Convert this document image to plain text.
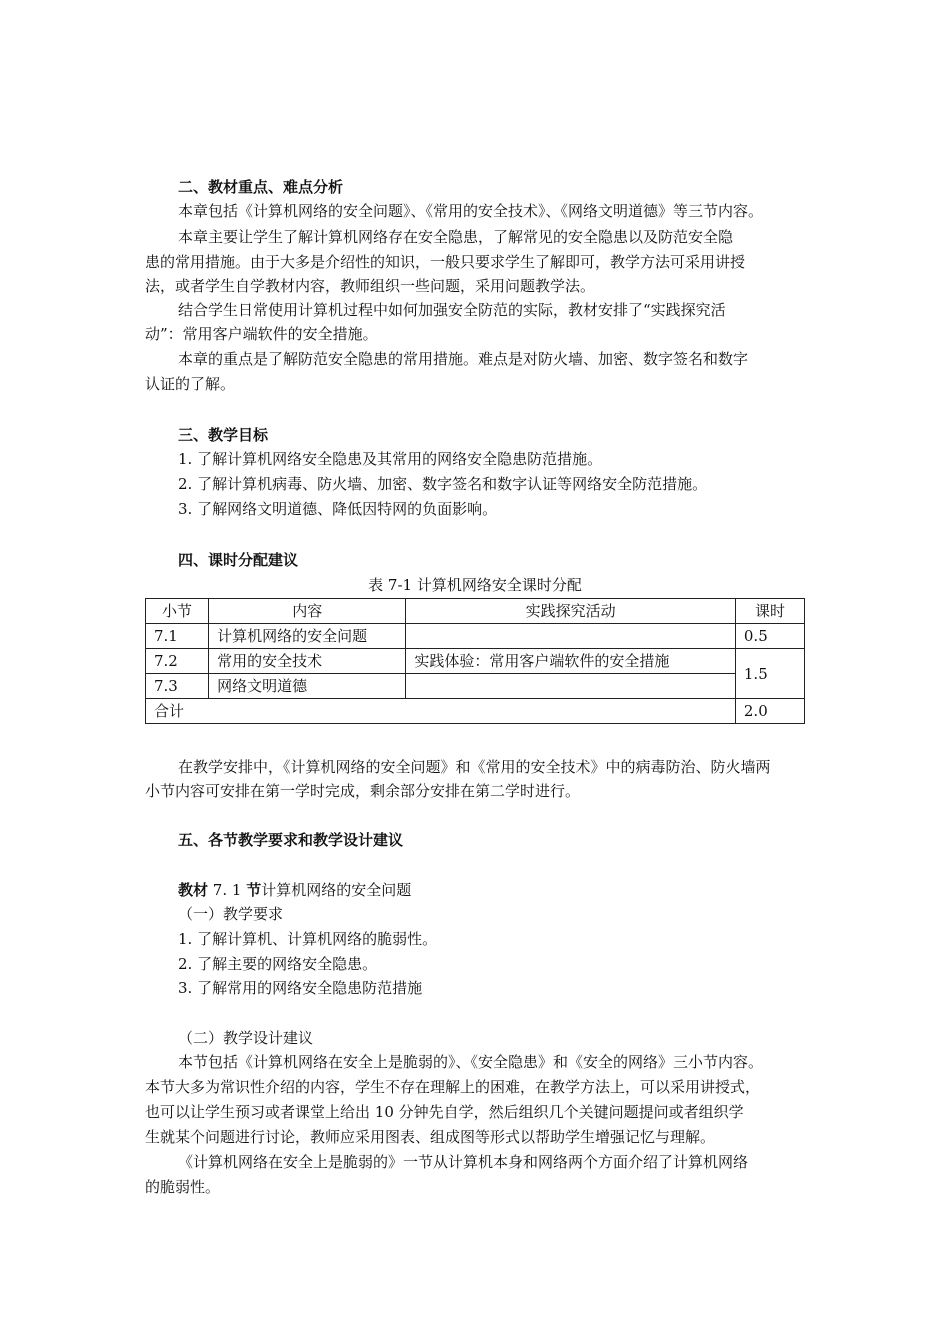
二、教材重点、难点分析
本章包括《计算机网络的安全问题》、《常用的安全技术》、《网络文明道德》等三节内容。
本章主要让学生了解计算机网络存在安全隐患，了解常见的安全隐患以及防范安全隐
患的常用措施。由于大多是介绍性的知识，一般只要求学生了解即可，教学方法可采用讲授
法，或者学生自学教材内容，教师组织一些问题，采用问题教学法。
结合学生日常使用计算机过程中如何加强安全防范的实际，教材安排了“实践探究活
动”：常用客户端软件的安全措施。
本章的重点是了解防范安全隐患的常用措施。难点是对防火墙、加密、数字签名和数字
认证的了解。
三、教学目标
1. 了解计算机网络安全隐患及其常用的网络安全隐患防范措施。
2. 了解计算机病毒、防火墙、加密、数字签名和数字认证等网络安全防范措施。
3. 了解网络文明道德、降低因特网的负面影响。
四、课时分配建议
表 7-1 计算机网络安全课时分配
小节	内容	实践探究活动	课时
7.1	计算机网络的安全问题		0.5
7.2	常用的安全技术	实践体验：常用客户端软件的安全措施	1.5
7.3	网络文明道德		
合计			2.0
在教学安排中，《计算机网络的安全问题》和《常用的安全技术》中的病毒防治、防火墙两
小节内容可安排在第一学时完成，剩余部分安排在第二学时进行。
五、各节教学要求和教学设计建议
教材 7. 1 节计算机网络的安全问题
（一）教学要求
1. 了解计算机、计算机网络的脆弱性。
2. 了解主要的网络安全隐患。
3. 了解常用的网络安全隐患防范措施
（二）教学设计建议
本节包括《计算机网络在安全上是脆弱的》、《安全隐患》和《安全的网络》三小节内容。
本节大多为常识性介绍的内容，学生不存在理解上的困难，在教学方法上，可以采用讲授式，
也可以让学生预习或者课堂上给出 10 分钟先自学，然后组织几个关键问题提问或者组织学
生就某个问题进行讨论，教师应采用图表、组成图等形式以帮助学生增强记忆与理解。
《计算机网络在安全上是脆弱的》一节从计算机本身和网络两个方面介绍了计算机网络
的脆弱性。
